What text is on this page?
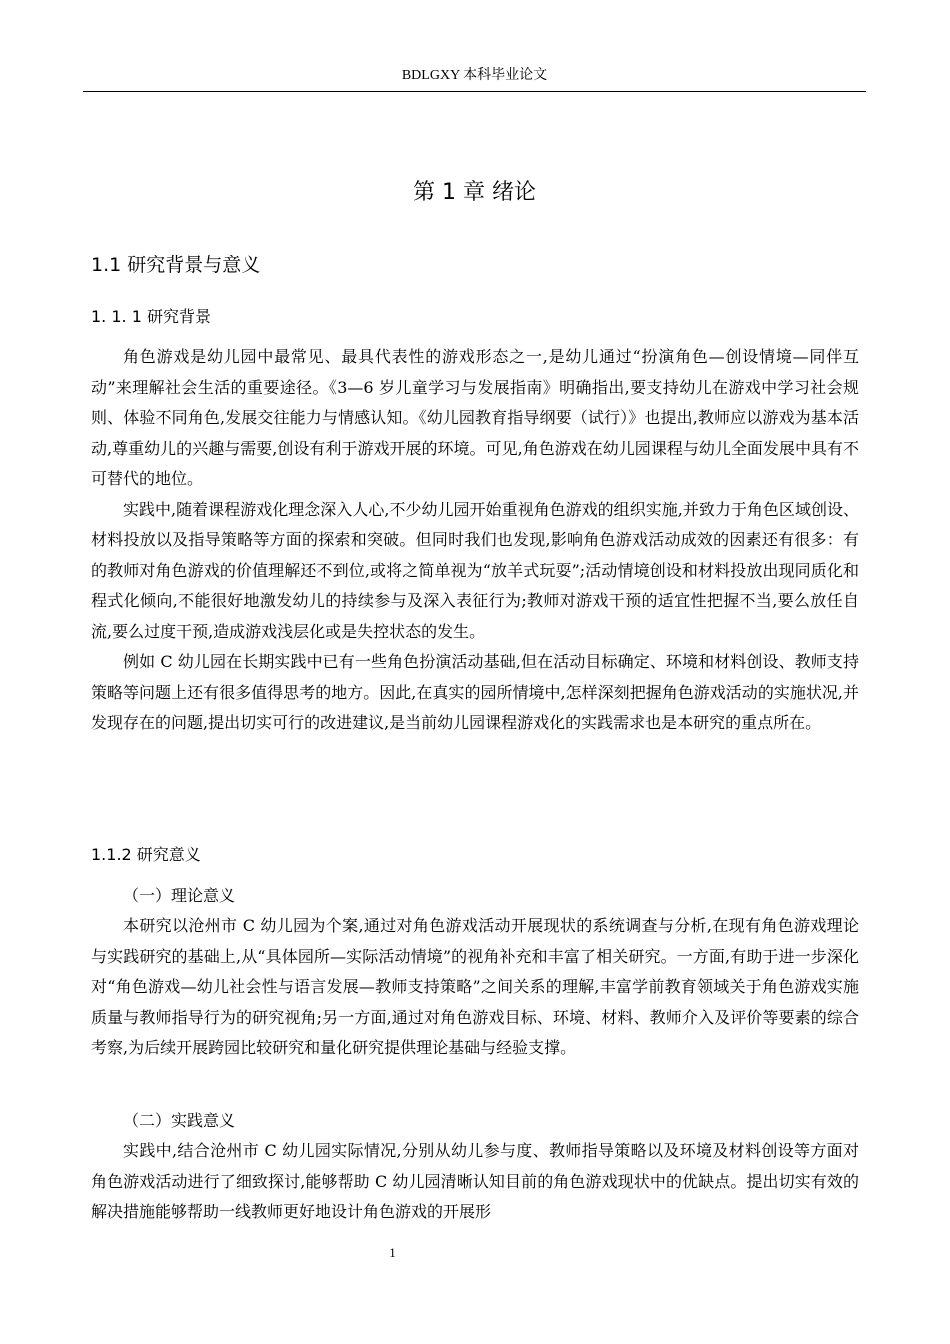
BDLGXY 本科毕业论文
第 1 章 绪论
1.1 研究背景与意义
1. 1. 1 研究背景

角色游戏是幼儿园中最常见、最具代表性的游戏形态之一,是幼儿通过“扮演角色—创设情境—同伴互动”来理解社会生活的重要途径。《3—6 岁儿童学习与发展指南》明确指出,要支持幼儿在游戏中学习社会规则、体验不同角色,发展交往能力与情感认知。《幼儿园教育指导纲要（试行）》也提出,教师应以游戏为基本活动,尊重幼儿的兴趣与需要,创设有利于游戏开展的环境。可见,角色游戏在幼儿园课程与幼儿全面发展中具有不可替代的地位。

实践中,随着课程游戏化理念深入人心,不少幼儿园开始重视角色游戏的组织实施,并致力于角色区域创设、材料投放以及指导策略等方面的探索和突破。但同时我们也发现,影响角色游戏活动成效的因素还有很多：有的教师对角色游戏的价值理解还不到位,或将之简单视为“放羊式玩耍”;活动情境创设和材料投放出现同质化和程式化倾向,不能很好地激发幼儿的持续参与及深入表征行为;教师对游戏干预的适宜性把握不当,要么放任自流,要么过度干预,造成游戏浅层化或是失控状态的发生。

例如 C 幼儿园在长期实践中已有一些角色扮演活动基础,但在活动目标确定、环境和材料创设、教师支持策略等问题上还有很多值得思考的地方。因此,在真实的园所情境中,怎样深刻把握角色游戏活动的实施状况,并发现存在的问题,提出切实可行的改进建议,是当前幼儿园课程游戏化的实践需求也是本研究的重点所在。

1.1.2 研究意义
（一）理论意义

本研究以沧州市 C 幼儿园为个案,通过对角色游戏活动开展现状的系统调查与分析,在现有角色游戏理论与实践研究的基础上,从“具体园所—实际活动情境”的视角补充和丰富了相关研究。一方面,有助于进一步深化对“角色游戏—幼儿社会性与语言发展—教师支持策略”之间关系的理解,丰富学前教育领域关于角色游戏实施质量与教师指导行为的研究视角;另一方面,通过对角色游戏目标、环境、材料、教师介入及评价等要素的综合考察,为后续开展跨园比较研究和量化研究提供理论基础与经验支撑。

（二）实践意义

实践中,结合沧州市 C 幼儿园实际情况,分别从幼儿参与度、教师指导策略以及环境及材料创设等方面对角色游戏活动进行了细致探讨,能够帮助 C 幼儿园清晰认知目前的角色游戏现状中的优缺点。提出切实有效的解决措施能够帮助一线教师更好地设计角色游戏的开展形

1
